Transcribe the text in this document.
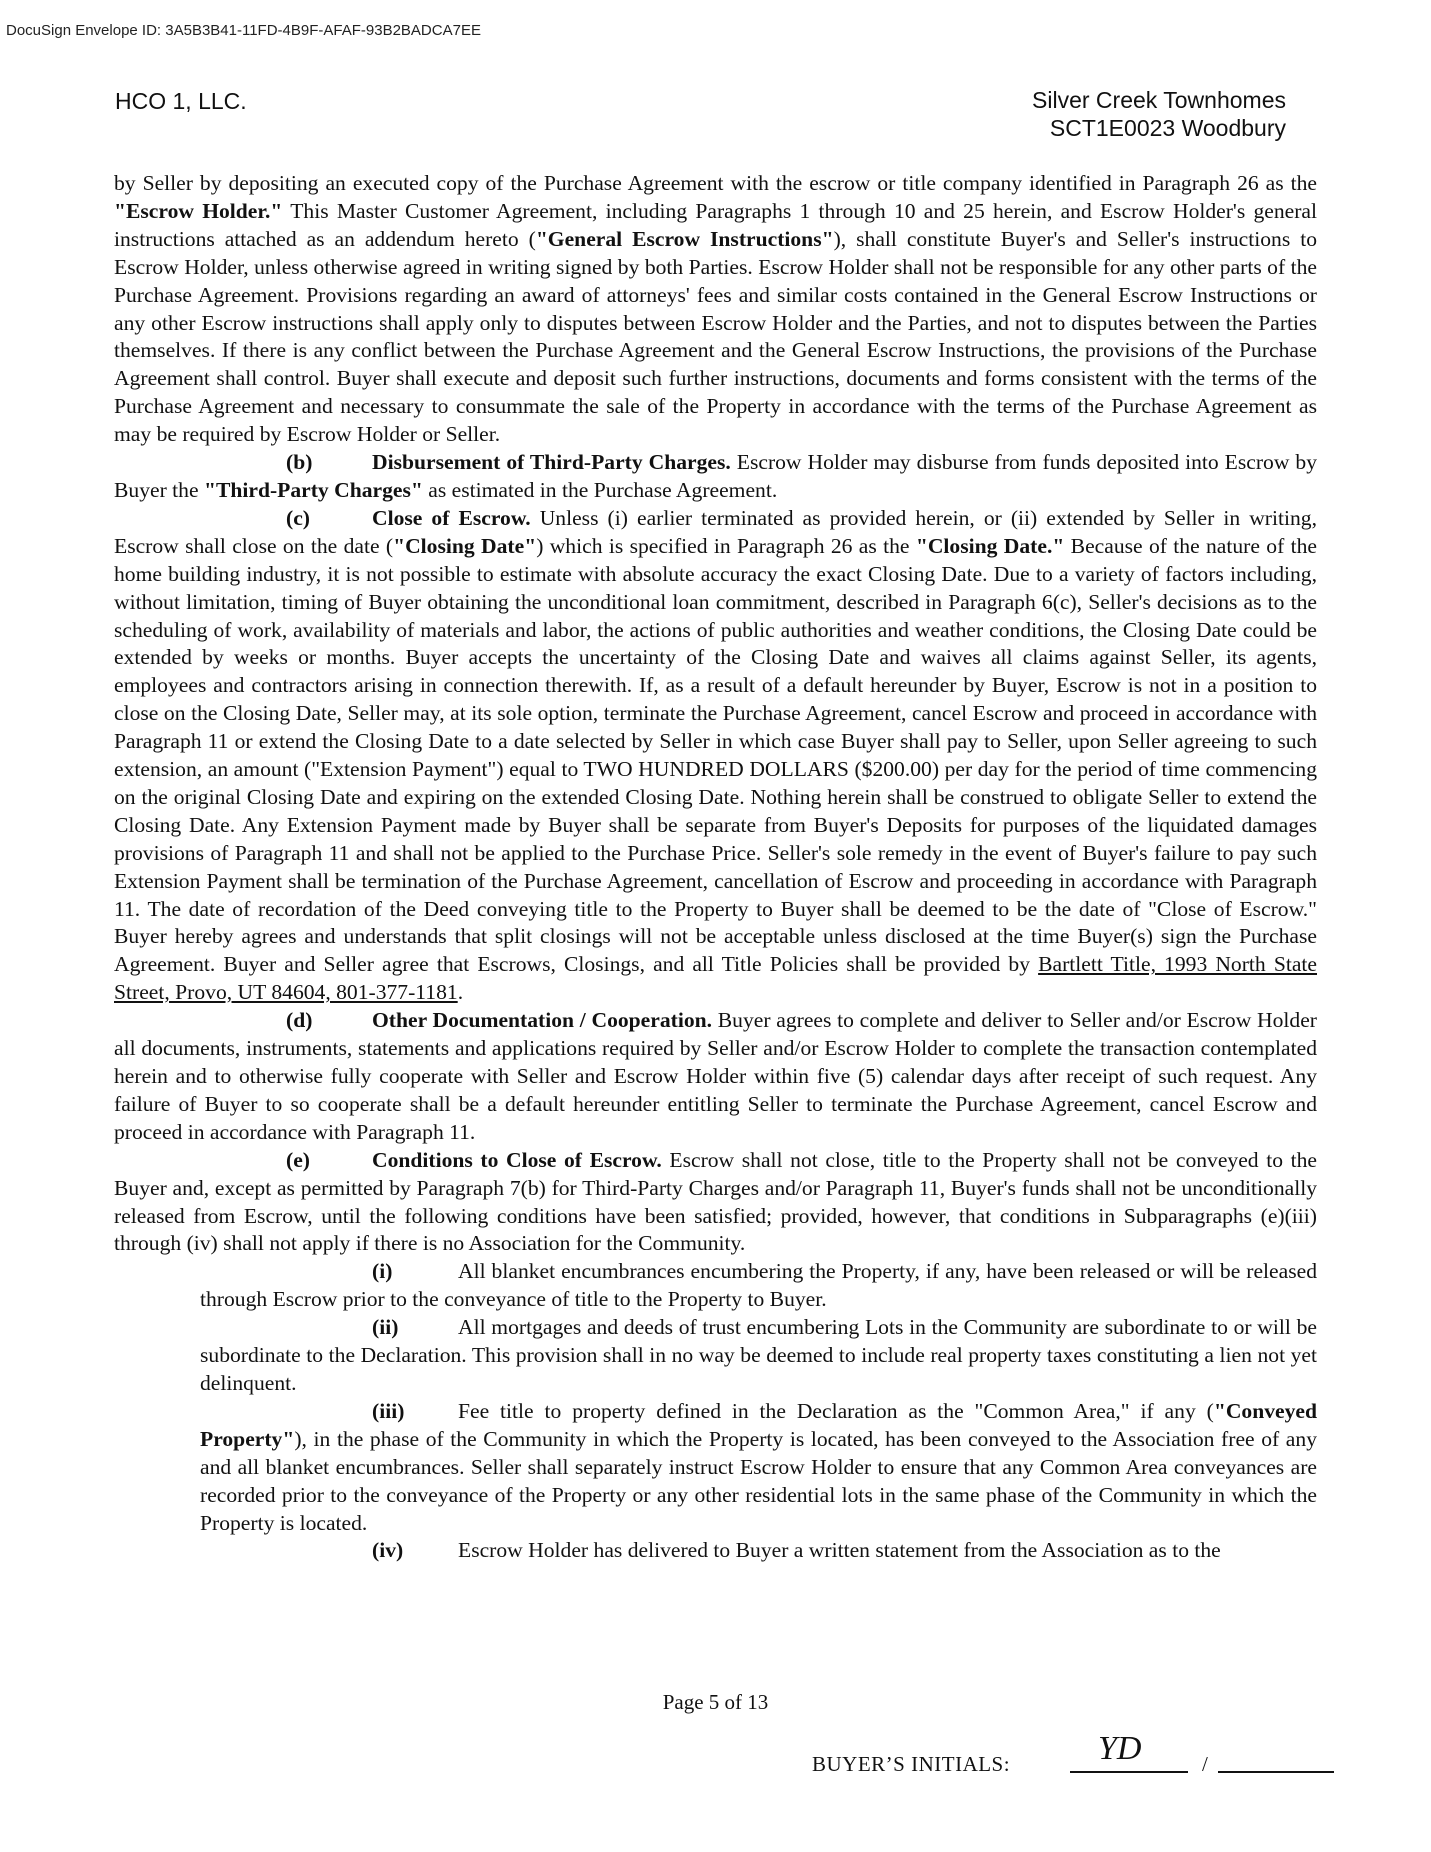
DocuSign Envelope ID: 3A5B3B41-11FD-4B9F-AFAF-93B2BADCA7EE
HCO 1, LLC.	Silver Creek Townhomes
SCT1E0023 Woodbury

by Seller by depositing an executed copy of the Purchase Agreement with the escrow or title company identified in Paragraph 26 as the "Escrow Holder." This Master Customer Agreement, including Paragraphs 1 through 10 and 25 herein, and Escrow Holder's general instructions attached as an addendum hereto ("General Escrow Instructions"), shall constitute Buyer's and Seller's instructions to Escrow Holder, unless otherwise agreed in writing signed by both Parties. Escrow Holder shall not be responsible for any other parts of the Purchase Agreement. Provisions regarding an award of attorneys' fees and similar costs contained in the General Escrow Instructions or any other Escrow instructions shall apply only to disputes between Escrow Holder and the Parties, and not to disputes between the Parties themselves. If there is any conflict between the Purchase Agreement and the General Escrow Instructions, the provisions of the Purchase Agreement shall control. Buyer shall execute and deposit such further instructions, documents and forms consistent with the terms of the Purchase Agreement and necessary to consummate the sale of the Property in accordance with the terms of the Purchase Agreement as may be required by Escrow Holder or Seller.

(b)	Disbursement of Third-Party Charges. Escrow Holder may disburse from funds deposited into Escrow by Buyer the "Third-Party Charges" as estimated in the Purchase Agreement.

(c)	Close of Escrow. Unless (i) earlier terminated as provided herein, or (ii) extended by Seller in writing, Escrow shall close on the date ("Closing Date") which is specified in Paragraph 26 as the "Closing Date." Because of the nature of the home building industry, it is not possible to estimate with absolute accuracy the exact Closing Date. Due to a variety of factors including, without limitation, timing of Buyer obtaining the unconditional loan commitment, described in Paragraph 6(c), Seller's decisions as to the scheduling of work, availability of materials and labor, the actions of public authorities and weather conditions, the Closing Date could be extended by weeks or months. Buyer accepts the uncertainty of the Closing Date and waives all claims against Seller, its agents, employees and contractors arising in connection therewith. If, as a result of a default hereunder by Buyer, Escrow is not in a position to close on the Closing Date, Seller may, at its sole option, terminate the Purchase Agreement, cancel Escrow and proceed in accordance with Paragraph 11 or extend the Closing Date to a date selected by Seller in which case Buyer shall pay to Seller, upon Seller agreeing to such extension, an amount ("Extension Payment") equal to TWO HUNDRED DOLLARS ($200.00) per day for the period of time commencing on the original Closing Date and expiring on the extended Closing Date. Nothing herein shall be construed to obligate Seller to extend the Closing Date. Any Extension Payment made by Buyer shall be separate from Buyer's Deposits for purposes of the liquidated damages provisions of Paragraph 11 and shall not be applied to the Purchase Price. Seller's sole remedy in the event of Buyer's failure to pay such Extension Payment shall be termination of the Purchase Agreement, cancellation of Escrow and proceeding in accordance with Paragraph 11. The date of recordation of the Deed conveying title to the Property to Buyer shall be deemed to be the date of "Close of Escrow." Buyer hereby agrees and understands that split closings will not be acceptable unless disclosed at the time Buyer(s) sign the Purchase Agreement. Buyer and Seller agree that Escrows, Closings, and all Title Policies shall be provided by Bartlett Title, 1993 North State Street, Provo, UT 84604, 801-377-1181.

(d)	Other Documentation / Cooperation. Buyer agrees to complete and deliver to Seller and/or Escrow Holder all documents, instruments, statements and applications required by Seller and/or Escrow Holder to complete the transaction contemplated herein and to otherwise fully cooperate with Seller and Escrow Holder within five (5) calendar days after receipt of such request. Any failure of Buyer to so cooperate shall be a default hereunder entitling Seller to terminate the Purchase Agreement, cancel Escrow and proceed in accordance with Paragraph 11.

(e)	Conditions to Close of Escrow. Escrow shall not close, title to the Property shall not be conveyed to the Buyer and, except as permitted by Paragraph 7(b) for Third-Party Charges and/or Paragraph 11, Buyer's funds shall not be unconditionally released from Escrow, until the following conditions have been satisfied; provided, however, that conditions in Subparagraphs (e)(iii) through (iv) shall not apply if there is no Association for the Community.

(i)	All blanket encumbrances encumbering the Property, if any, have been released or will be released through Escrow prior to the conveyance of title to the Property to Buyer.

(ii)	All mortgages and deeds of trust encumbering Lots in the Community are subordinate to or will be subordinate to the Declaration. This provision shall in no way be deemed to include real property taxes constituting a lien not yet delinquent.

(iii) Fee title to property defined in the Declaration as the "Common Area," if any ("Conveyed Property"), in the phase of the Community in which the Property is located, has been conveyed to the Association free of any and all blanket encumbrances. Seller shall separately instruct Escrow Holder to ensure that any Common Area conveyances are recorded prior to the conveyance of the Property or any other residential lots in the same phase of the Community in which the Property is located.

(iv)	Escrow Holder has delivered to Buyer a written statement from the Association as to the

Page 5 of 13
BUYER’S INITIALS:	YD	/
